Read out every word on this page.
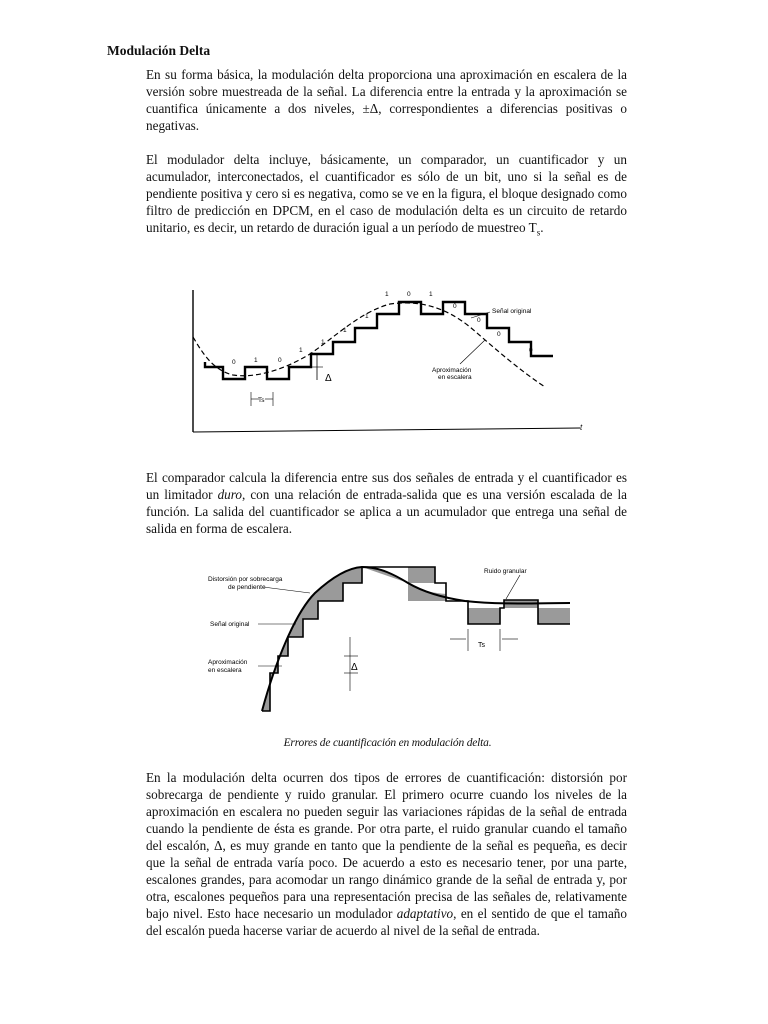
Modulación Delta

En su forma básica, la modulación delta proporciona una aproximación en escalera de la versión sobre muestreada de la señal. La diferencia entre la entrada y la aproximación se cuantifica únicamente a dos niveles, ±Δ, correspondientes a diferencias positivas o negativas.

El modulador delta incluye, básicamente, un comparador, un cuantificador y un acumulador, interconectados, el cuantificador es sólo de un bit, uno si la señal es de pendiente positiva y cero si es negativa, como se ve en la figura, el bloque designado como filtro de predicción en DPCM, en el caso de modulación delta es un circuito de retardo unitario, es decir, un retardo de duración igual a un período de muestreo $T_s$.

0	1	0
1
1
1
1
1	0	1
0
0
0
0
Señal original
Aproximación
en escalera
Ts
Δ
t

El comparador calcula la diferencia entre sus dos señales de entrada y el cuantificador es un limitador duro, con una relación de entrada-salida que es una versión escalada de la función. La salida del cuantificador se aplica a un acumulador que entrega una señal de salida en forma de escalera.

Distorsión por sobrecarga
de pendiente
Señal original
Aproximación
en escalera
Ruido granular
Ts
Δ
Errores de cuantificación en modulación delta.

En la modulación delta ocurren dos tipos de errores de cuantificación: distorsión por sobrecarga de pendiente y ruido granular. El primero ocurre cuando los niveles de la aproximación en escalera no pueden seguir las variaciones rápidas de la señal de entrada cuando la pendiente de ésta es grande. Por otra parte, el ruido granular cuando el tamaño del escalón, Δ, es muy grande en tanto que la pendiente de la señal es pequeña, es decir que la señal de entrada varía poco. De acuerdo a esto es necesario tener, por una parte, escalones grandes, para acomodar un rango dinámico grande de la señal de entrada y, por otra, escalones pequeños para una representación precisa de las señales de, relativamente bajo nivel. Esto hace necesario un modulador adaptativo, en el sentido de que el tamaño del escalón pueda hacerse variar de acuerdo al nivel de la señal de entrada.
